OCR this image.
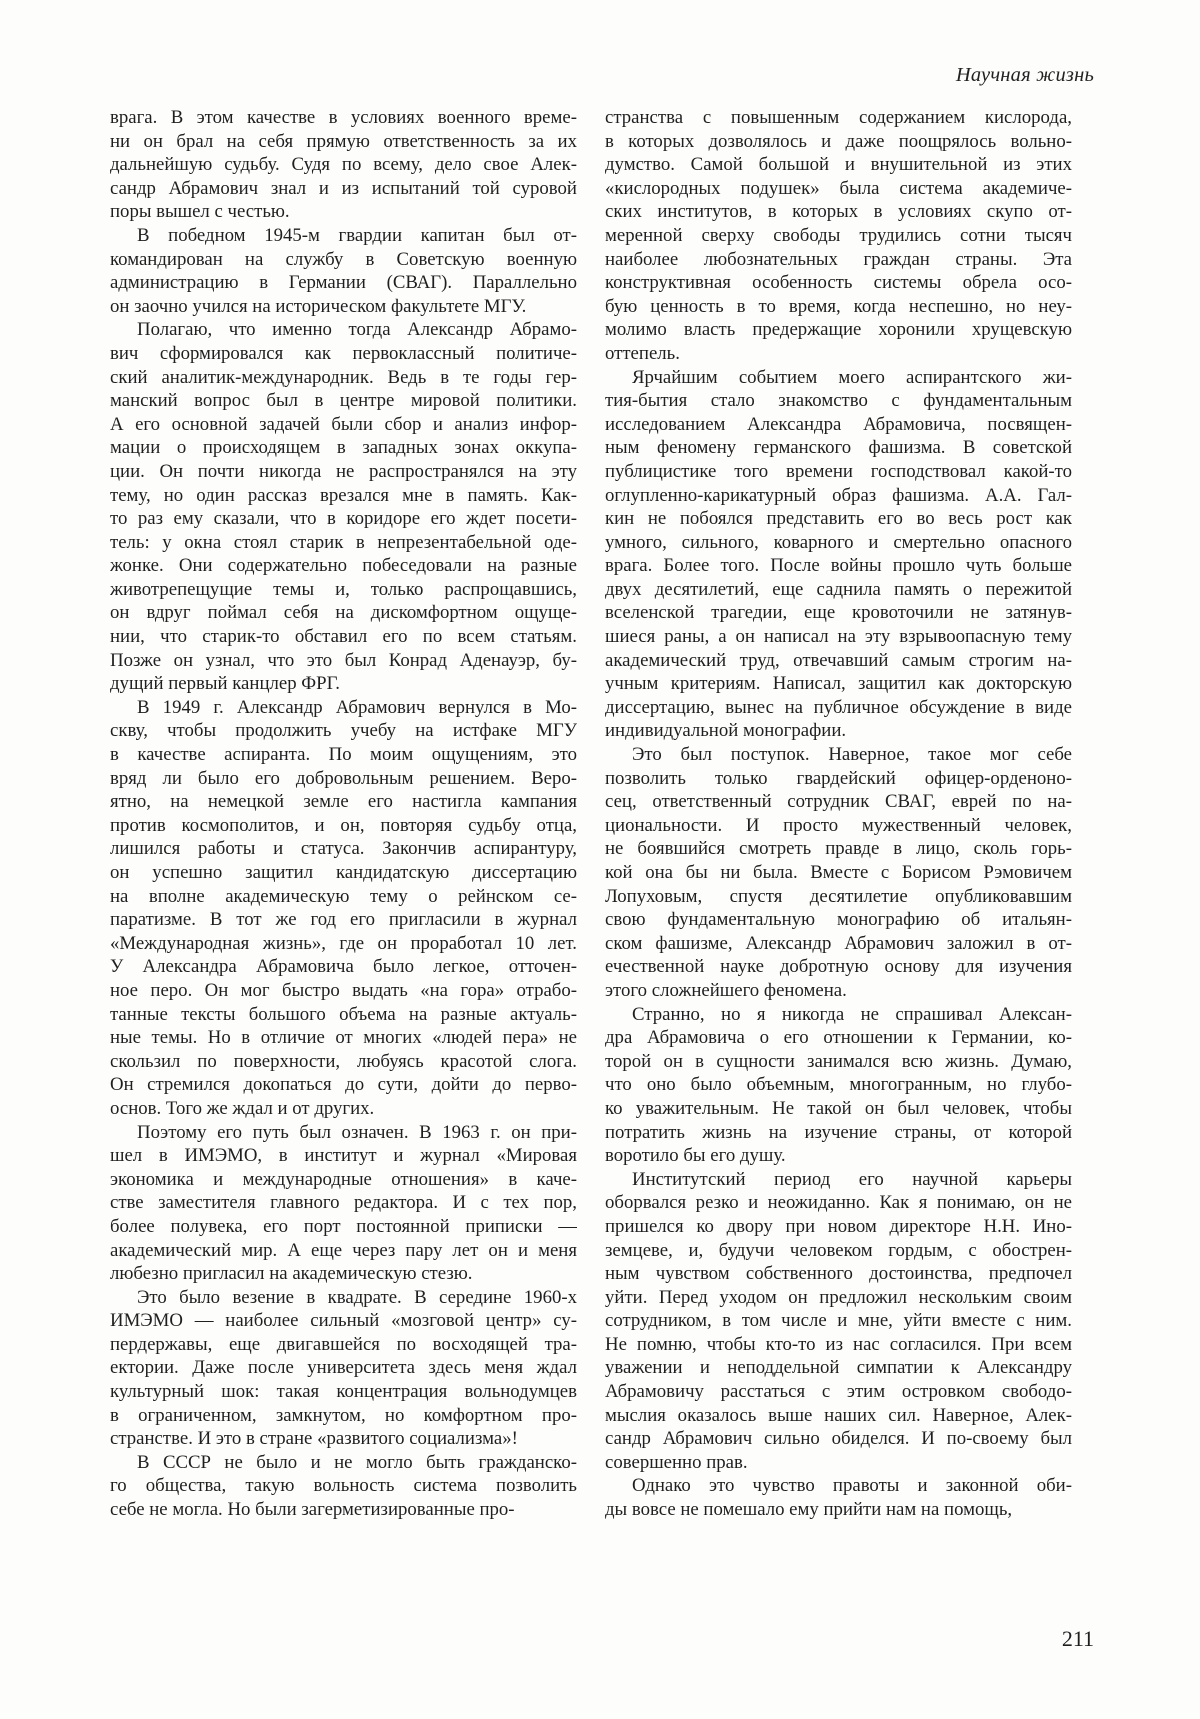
Научная жизнь
врага. В этом качестве в условиях военного време-
ни он брал на себя прямую ответственность за их
дальнейшую судьбу. Судя по всему, дело свое Алек-
сандр Абрамович знал и из испытаний той суровой
поры вышел с честью.
В победном 1945-м гвардии капитан был от-
командирован на службу в Советскую военную
администрацию в Германии (СВАГ). Параллельно
он заочно учился на историческом факультете МГУ.
Полагаю, что именно тогда Александр Абрамо-
вич сформировался как первоклассный политиче-
ский аналитик-международник. Ведь в те годы гер-
манский вопрос был в центре мировой политики.
А его основной задачей были сбор и анализ инфор-
мации о происходящем в западных зонах оккупа-
ции. Он почти никогда не распространялся на эту
тему, но один рассказ врезался мне в память. Как-
то раз ему сказали, что в коридоре его ждет посети-
тель: у окна стоял старик в непрезентабельной оде-
жонке. Они содержательно побеседовали на разные
животрепещущие темы и, только распрощавшись,
он вдруг поймал себя на дискомфортном ощуще-
нии, что старик-то обставил его по всем статьям.
Позже он узнал, что это был Конрад Аденауэр, бу-
дущий первый канцлер ФРГ.
В 1949 г. Александр Абрамович вернулся в Мо-
скву, чтобы продолжить учебу на истфаке МГУ
в качестве аспиранта. По моим ощущениям, это
вряд ли было его добровольным решением. Веро-
ятно, на немецкой земле его настигла кампания
против космополитов, и он, повторяя судьбу отца,
лишился работы и статуса. Закончив аспирантуру,
он успешно защитил кандидатскую диссертацию
на вполне академическую тему о рейнском се-
паратизме. В тот же год его пригласили в журнал
«Международная жизнь», где он проработал 10 лет.
У Александра Абрамовича было легкое, отточен-
ное перо. Он мог быстро выдать «на гора» отрабо-
танные тексты большого объема на разные актуаль-
ные темы. Но в отличие от многих «людей пера» не
скользил по поверхности, любуясь красотой слога.
Он стремился докопаться до сути, дойти до перво-
основ. Того же ждал и от других.
Поэтому его путь был означен. В 1963 г. он при-
шел в ИМЭМО, в институт и журнал «Мировая
экономика и международные отношения» в каче-
стве заместителя главного редактора. И с тех пор,
более полувека, его порт постоянной приписки —
академический мир. А еще через пару лет он и меня
любезно пригласил на академическую стезю.
Это было везение в квадрате. В середине 1960-х
ИМЭМО — наиболее сильный «мозговой центр» су-
пердержавы, еще двигавшейся по восходящей тра-
ектории. Даже после университета здесь меня ждал
культурный шок: такая концентрация вольнодумцев
в ограниченном, замкнутом, но комфортном про-
странстве. И это в стране «развитого социализма»!
В СССР не было и не могло быть гражданско-
го общества, такую вольность система позволить
себе не могла. Но были загерметизированные про-
странства с повышенным содержанием кислорода,
в которых дозволялось и даже поощрялось вольно-
думство. Самой большой и внушительной из этих
«кислородных подушек» была система академиче-
ских институтов, в которых в условиях скупо от-
меренной сверху свободы трудились сотни тысяч
наиболее любознательных граждан страны. Эта
конструктивная особенность системы обрела осо-
бую ценность в то время, когда неспешно, но неу-
молимо власть предержащие хоронили хрущевскую
оттепель.
Ярчайшим событием моего аспирантского жи-
тия-бытия стало знакомство с фундаментальным
исследованием Александра Абрамовича, посвящен-
ным феномену германского фашизма. В советской
публицистике того времени господствовал какой-то
оглупленно-карикатурный образ фашизма. А.А. Гал-
кин не побоялся представить его во весь рост как
умного, сильного, коварного и смертельно опасного
врага. Более того. После войны прошло чуть больше
двух десятилетий, еще саднила память о пережитой
вселенской трагедии, еще кровоточили не затянув-
шиеся раны, а он написал на эту взрывоопасную тему
академический труд, отвечавший самым строгим на-
учным критериям. Написал, защитил как докторскую
диссертацию, вынес на публичное обсуждение в виде
индивидуальной монографии.
Это был поступок. Наверное, такое мог себе
позволить только гвардейский офицер-орденоно-
сец, ответственный сотрудник СВАГ, еврей по на-
циональности. И просто мужественный человек,
не боявшийся смотреть правде в лицо, сколь горь-
кой она бы ни была. Вместе с Борисом Рэмовичем
Лопуховым, спустя десятилетие опубликовавшим
свою фундаментальную монографию об итальян-
ском фашизме, Александр Абрамович заложил в от-
ечественной науке добротную основу для изучения
этого сложнейшего феномена.
Странно, но я никогда не спрашивал Алексан-
дра Абрамовича о его отношении к Германии, ко-
торой он в сущности занимался всю жизнь. Думаю,
что оно было объемным, многогранным, но глубо-
ко уважительным. Не такой он был человек, чтобы
потратить жизнь на изучение страны, от которой
воротило бы его душу.
Институтский период его научной карьеры
оборвался резко и неожиданно. Как я понимаю, он не
пришелся ко двору при новом директоре Н.Н. Ино-
земцеве, и, будучи человеком гордым, с обострен-
ным чувством собственного достоинства, предпочел
уйти. Перед уходом он предложил нескольким своим
сотрудником, в том числе и мне, уйти вместе с ним.
Не помню, чтобы кто-то из нас согласился. При всем
уважении и неподдельной симпатии к Александру
Абрамовичу расстаться с этим островком свободо-
мыслия оказалось выше наших сил. Наверное, Алек-
сандр Абрамович сильно обиделся. И по-своему был
совершенно прав.
Однако это чувство правоты и законной оби-
ды вовсе не помешало ему прийти нам на помощь,
211
